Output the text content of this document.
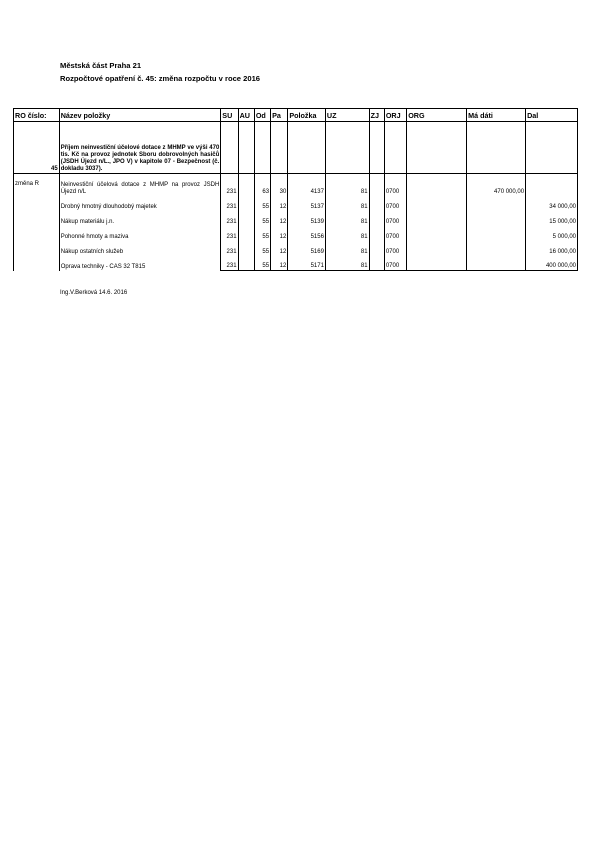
Městská část Praha 21
Rozpočtové opatření č. 45: změna rozpočtu v roce 2016
RO číslo:	Název položky	SU	AU	Od	Pa	Položka	UZ	ZJ	ORJ	ORG	Má dáti	Dal
45	Příjem neinvestiční účelové dotace z MHMP ve výši 470 tis. Kč na provoz jednotek Sboru dobrovolných hasičů (JSDH Újezd n/L., JPO V) v kapitole 07 - Bezpečnost (č. dokladu 3037).											
změna R	Neinvestiční účelová dotace z MHMP na provoz JSDH Újezd n/L	231		63	30	4137	81		0700		470 000,00	
	Drobný hmotný dlouhodobý majetek	231		55	12	5137	81		0700			34 000,00
	Nákup materiálu j.n.	231		55	12	5139	81		0700			15 000,00
	Pohonné hmoty a maziva	231		55	12	5156	81		0700			5 000,00
	Nákup ostatních služeb	231		55	12	5169	81		0700			16 000,00
	Oprava techniky - CAS 32 T815	231		55	12	5171	81		0700			400 000,00
Ing.V.Berková 14.6. 2016
